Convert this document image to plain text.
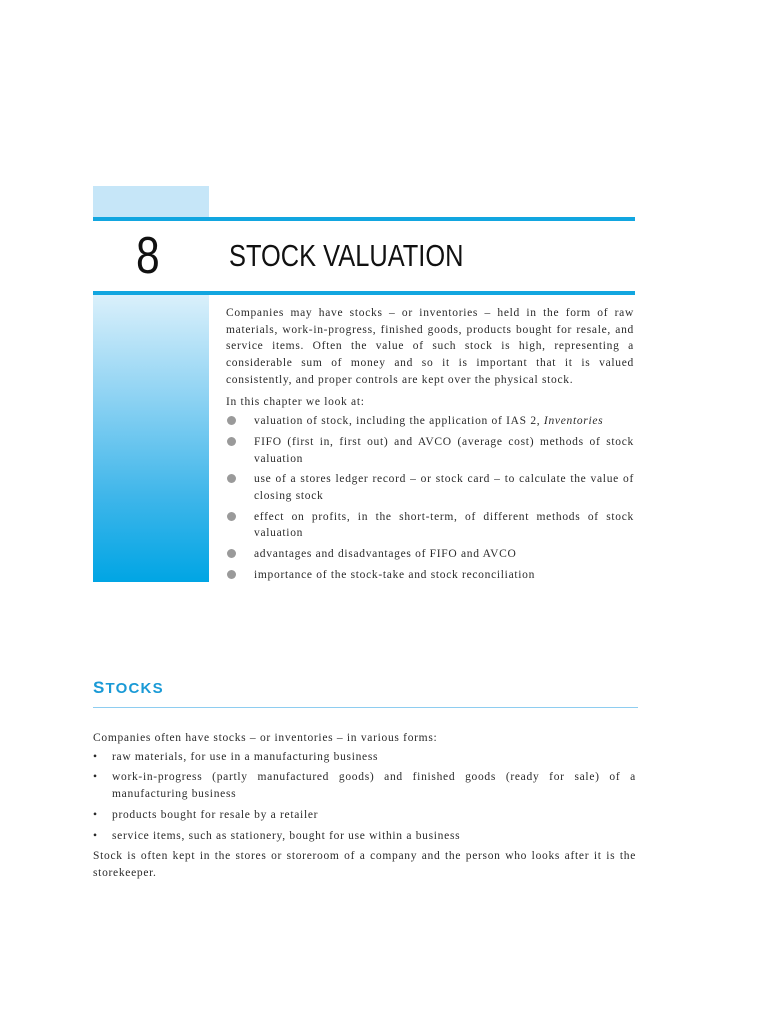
8 STOCK VALUATION

Companies may have stocks – or inventories – held in the form of raw materials, work-in-progress, finished goods, products bought for resale, and service items. Often the value of such stock is high, representing a considerable sum of money and so it is important that it is valued consistently, and proper controls are kept over the physical stock.

In this chapter we look at:

valuation of stock, including the application of IAS 2, Inventories
FIFO (first in, first out) and AVCO (average cost) methods of stock valuation
use of a stores ledger record – or stock card – to calculate the value of closing stock
effect on profits, in the short-term, of different methods of stock valuation
advantages and disadvantages of FIFO and AVCO
importance of the stock-take and stock reconciliation
STOCKS

Companies often have stocks – or inventories – in various forms:

• raw materials, for use in a manufacturing business
• work-in-progress (partly manufactured goods) and finished goods (ready for sale) of a manufacturing business
• products bought for resale by a retailer
• service items, such as stationery, bought for use within a business

Stock is often kept in the stores or storeroom of a company and the person who looks after it is the storekeeper.
